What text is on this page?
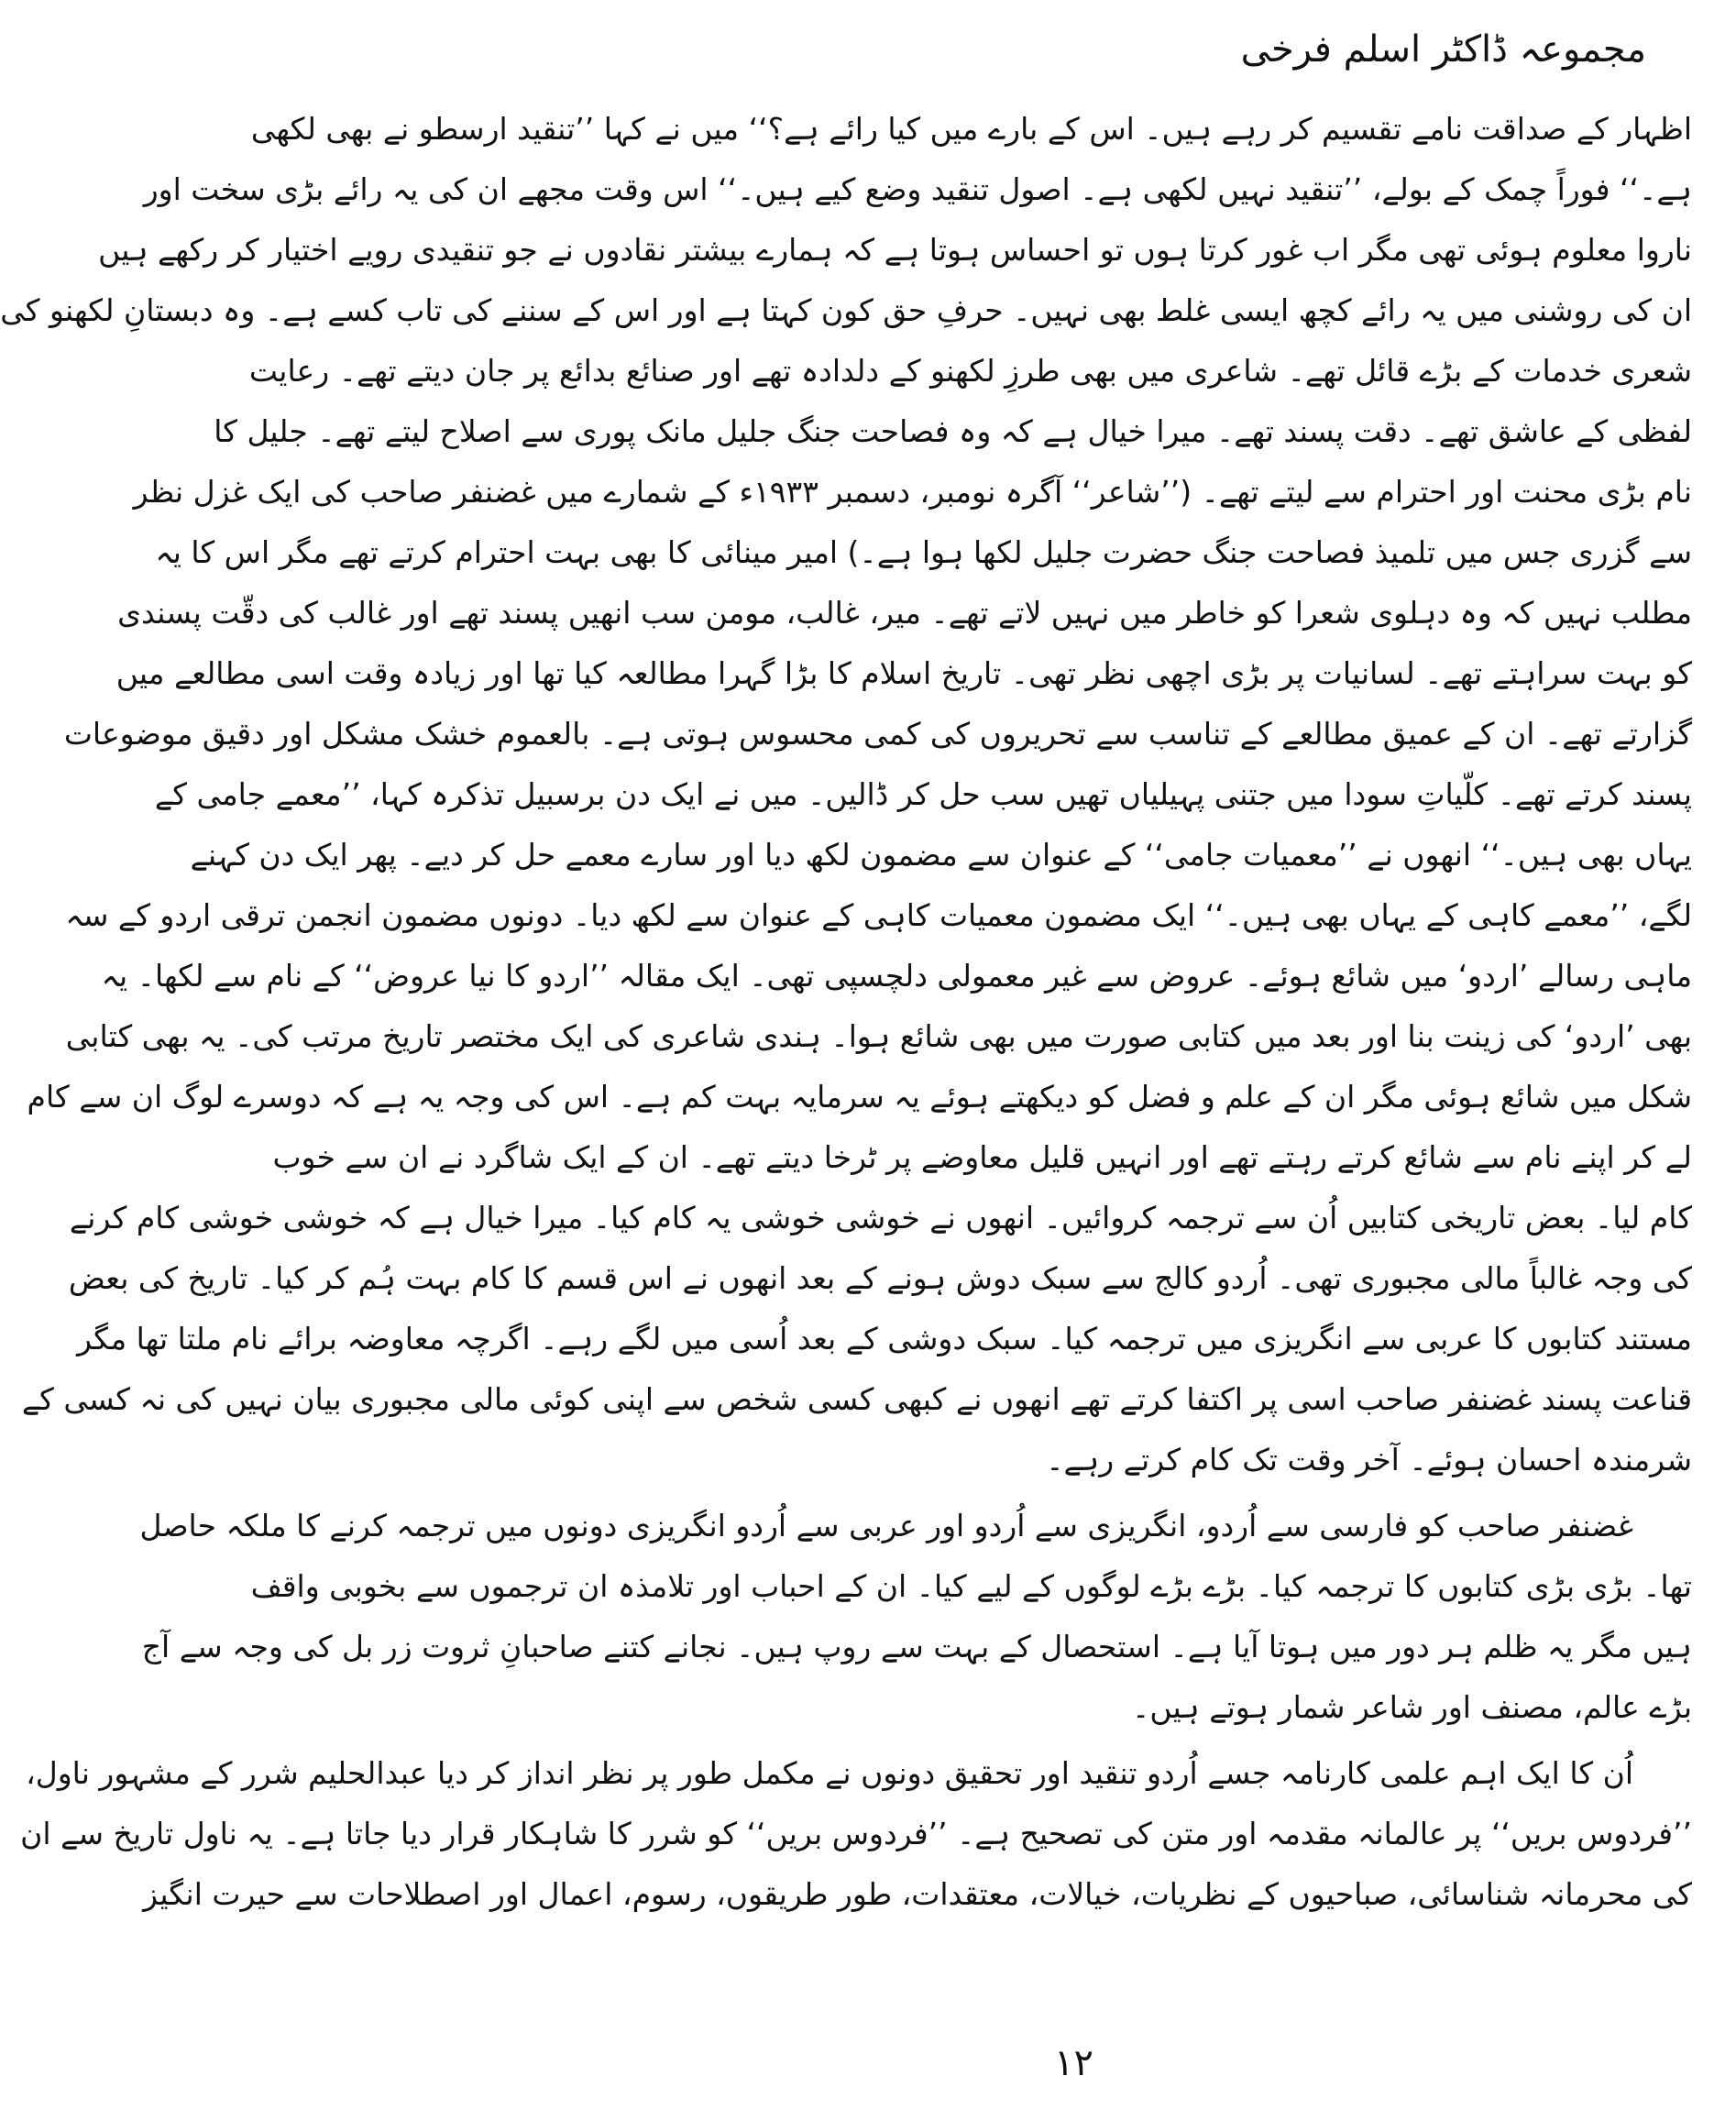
مجموعہ ڈاکٹر اسلم فرخی
اظہار کے صداقت نامے تقسیم کر رہے ہیں۔ اس کے بارے میں کیا رائے ہے؟‘‘ میں نے کہا ’’تنقید ارسطو نے بھی لکھی
ہے۔‘‘ فوراً چمک کے بولے، ’’تنقید نہیں لکھی ہے۔ اصول تنقید وضع کیے ہیں۔‘‘ اس وقت مجھے ان کی یہ رائے بڑی سخت اور
ناروا معلوم ہوئی تھی مگر اب غور کرتا ہوں تو احساس ہوتا ہے کہ ہمارے بیشتر نقادوں نے جو تنقیدی رویے اختیار کر رکھے ہیں
ان کی روشنی میں یہ رائے کچھ ایسی غلط بھی نہیں۔ حرفِ حق کون کہتا ہے اور اس کے سننے کی تاب کسے ہے۔ وہ دبستانِ لکھنو کی
شعری خدمات کے بڑے قائل تھے۔ شاعری میں بھی طرزِ لکھنو کے دلدادہ تھے اور صنائع بدائع پر جان دیتے تھے۔ رعایت
لفظی کے عاشق تھے۔ دقت پسند تھے۔ میرا خیال ہے کہ وہ فصاحت جنگ جلیل مانک پوری سے اصلاح لیتے تھے۔ جلیل کا
نام بڑی محنت اور احترام سے لیتے تھے۔ (’’شاعر‘‘ آگرہ نومبر، دسمبر ۱۹۳۳ء کے شمارے میں غضنفر صاحب کی ایک غزل نظر
سے گزری جس میں تلمیذ فصاحت جنگ حضرت جلیل لکھا ہوا ہے۔) امیر مینائی کا بھی بہت احترام کرتے تھے مگر اس کا یہ
مطلب نہیں کہ وہ دہلوی شعرا کو خاطر میں نہیں لاتے تھے۔ میر، غالب، مومن سب انھیں پسند تھے اور غالب کی دقّت پسندی
کو بہت سراہتے تھے۔ لسانیات پر بڑی اچھی نظر تھی۔ تاریخ اسلام کا بڑا گہرا مطالعہ کیا تھا اور زیادہ وقت اسی مطالعے میں
گزارتے تھے۔ ان کے عمیق مطالعے کے تناسب سے تحریروں کی کمی محسوس ہوتی ہے۔ بالعموم خشک مشکل اور دقیق موضوعات
پسند کرتے تھے۔ کلّیاتِ سودا میں جتنی پہیلیاں تھیں سب حل کر ڈالیں۔ میں نے ایک دن برسبیل تذکرہ کہا، ’’معمے جامی کے
یہاں بھی ہیں۔‘‘ انھوں نے ’’معمیات جامی‘‘ کے عنوان سے مضمون لکھ دیا اور سارے معمے حل کر دیے۔ پھر ایک دن کہنے
لگے، ’’معمے کاہی کے یہاں بھی ہیں۔‘‘ ایک مضمون معمیات کاہی کے عنوان سے لکھ دیا۔ دونوں مضمون انجمن ترقی اردو کے سہ
ماہی رسالے ’اردو‘ میں شائع ہوئے۔ عروض سے غیر معمولی دلچسپی تھی۔ ایک مقالہ ’’اردو کا نیا عروض‘‘ کے نام سے لکھا۔ یہ
بھی ’اردو‘ کی زینت بنا اور بعد میں کتابی صورت میں بھی شائع ہوا۔ ہندی شاعری کی ایک مختصر تاریخ مرتب کی۔ یہ بھی کتابی
شکل میں شائع ہوئی مگر ان کے علم و فضل کو دیکھتے ہوئے یہ سرمایہ بہت کم ہے۔ اس کی وجہ یہ ہے کہ دوسرے لوگ ان سے کام
لے کر اپنے نام سے شائع کرتے رہتے تھے اور انہیں قلیل معاوضے پر ٹرخا دیتے تھے۔ ان کے ایک شاگرد نے ان سے خوب
کام لیا۔ بعض تاریخی کتابیں اُن سے ترجمہ کروائیں۔ انھوں نے خوشی خوشی یہ کام کیا۔ میرا خیال ہے کہ خوشی خوشی کام کرنے
کی وجہ غالباً مالی مجبوری تھی۔ اُردو کالج سے سبک دوش ہونے کے بعد انھوں نے اس قسم کا کام بہت ہُم کر کیا۔ تاریخ کی بعض
مستند کتابوں کا عربی سے انگریزی میں ترجمہ کیا۔ سبک دوشی کے بعد اُسی میں لگے رہے۔ اگرچہ معاوضہ برائے نام ملتا تھا مگر
قناعت پسند غضنفر صاحب اسی پر اکتفا کرتے تھے انھوں نے کبھی کسی شخص سے اپنی کوئی مالی مجبوری بیان نہیں کی نہ کسی کے
شرمندہ احسان ہوئے۔ آخر وقت تک کام کرتے رہے۔
غضنفر صاحب کو فارسی سے اُردو، انگریزی سے اُردو اور عربی سے اُردو انگریزی دونوں میں ترجمہ کرنے کا ملکہ حاصل
تھا۔ بڑی بڑی کتابوں کا ترجمہ کیا۔ بڑے بڑے لوگوں کے لیے کیا۔ ان کے احباب اور تلامذہ ان ترجموں سے بخوبی واقف
ہیں مگر یہ ظلم ہر دور میں ہوتا آیا ہے۔ استحصال کے بہت سے روپ ہیں۔ نجانے کتنے صاحبانِ ثروت زر بل کی وجہ سے آج
بڑے عالم، مصنف اور شاعر شمار ہوتے ہیں۔
اُن کا ایک اہم علمی کارنامہ جسے اُردو تنقید اور تحقیق دونوں نے مکمل طور پر نظر انداز کر دیا عبدالحلیم شرر کے مشہور ناول،
’’فردوس بریں‘‘ پر عالمانہ مقدمہ اور متن کی تصحیح ہے۔ ’’فردوس بریں‘‘ کو شرر کا شاہکار قرار دیا جاتا ہے۔ یہ ناول تاریخ سے ان
کی محرمانہ شناسائی، صباحیوں کے نظریات، خیالات، معتقدات، طور طریقوں، رسوم، اعمال اور اصطلاحات سے حیرت انگیز
۱۲
